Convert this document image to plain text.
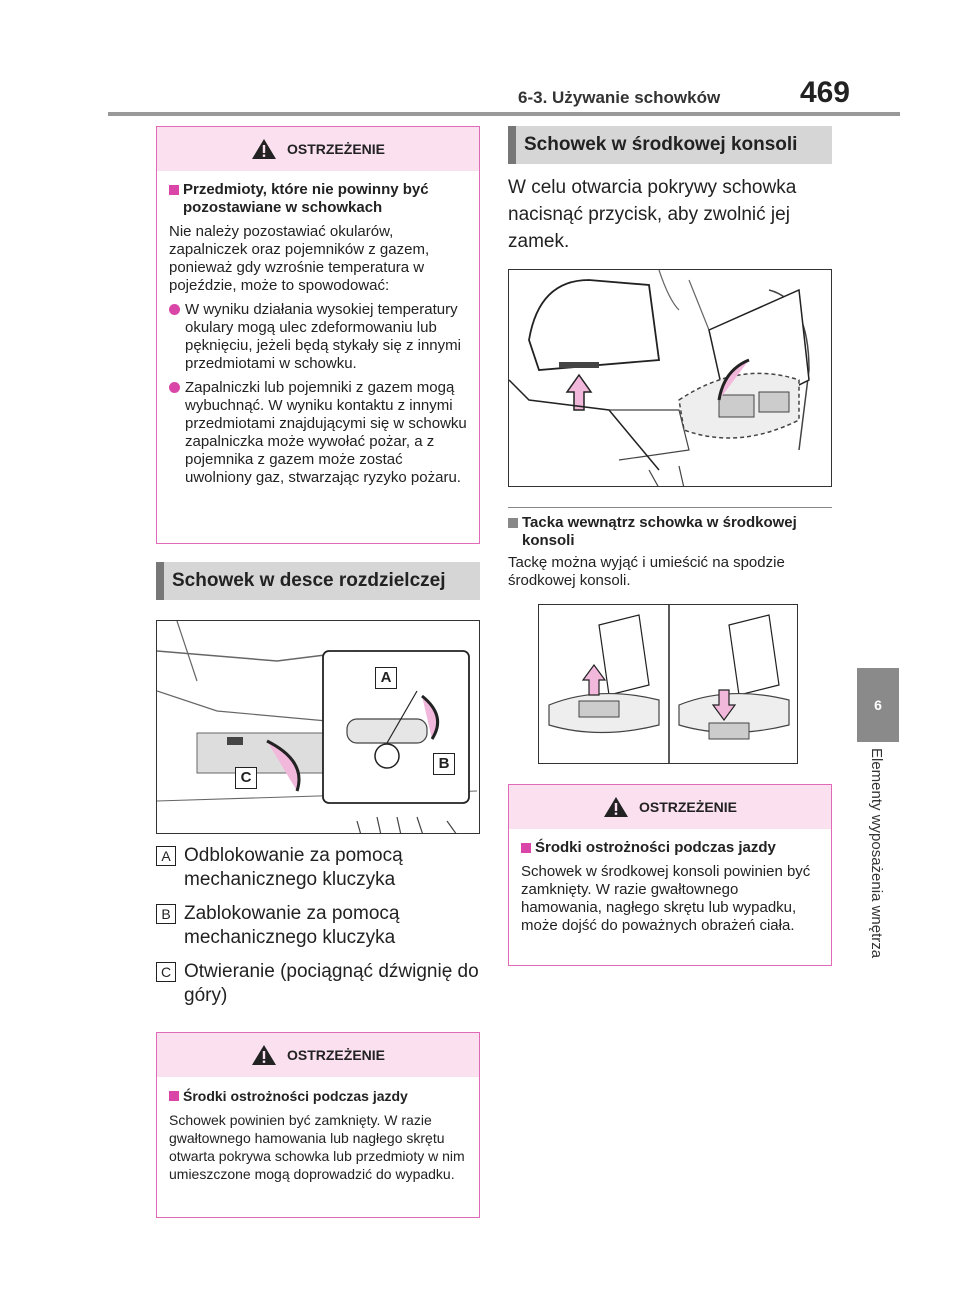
6-3. Używanie schowków	469
6
Elementy wyposażenia wnętrza
OSTRZEŻENIE
Przedmioty, które nie powinny być pozostawiane w schowkach
Nie należy pozostawiać okularów, zapalniczek oraz pojemników z gazem, ponieważ gdy wzrośnie temperatura w pojeździe, może to spowodować:
W wyniku działania wysokiej temperatury okulary mogą ulec zdeformowaniu lub pęknięciu, jeżeli będą stykały się z innymi przedmiotami w schowku.
Zapalniczki lub pojemniki z gazem mogą wybuchnąć. W wyniku kontaktu z innymi przedmiotami znajdującymi się w schowku zapalniczka może wywołać pożar, a z pojemnika z gazem może zostać uwolniony gaz, stwarzając ryzyko pożaru.
Schowek w desce rozdzielczej
A
B
C
A Odblokowanie za pomocą mechanicznego kluczyka
B Zablokowanie za pomocą mechanicznego kluczyka
C Otwieranie (pociągnąć dźwignię do góry)
OSTRZEŻENIE
Środki ostrożności podczas jazdy
Schowek powinien być zamknięty. W razie gwałtownego hamowania lub nagłego skrętu otwarta pokrywa schowka lub przedmioty w nim umieszczone mogą doprowadzić do wypadku.
Schowek w środkowej konsoli
W celu otwarcia pokrywy schowka nacisnąć przycisk, aby zwolnić jej zamek.
Tacka wewnątrz schowka w środkowej konsoli
Tackę można wyjąć i umieścić na spodzie środkowej konsoli.
OSTRZEŻENIE
Środki ostrożności podczas jazdy
Schowek w środkowej konsoli powinien być zamknięty. W razie gwałtownego hamowania, nagłego skrętu lub wypadku, może dojść do poważnych obrażeń ciała.
